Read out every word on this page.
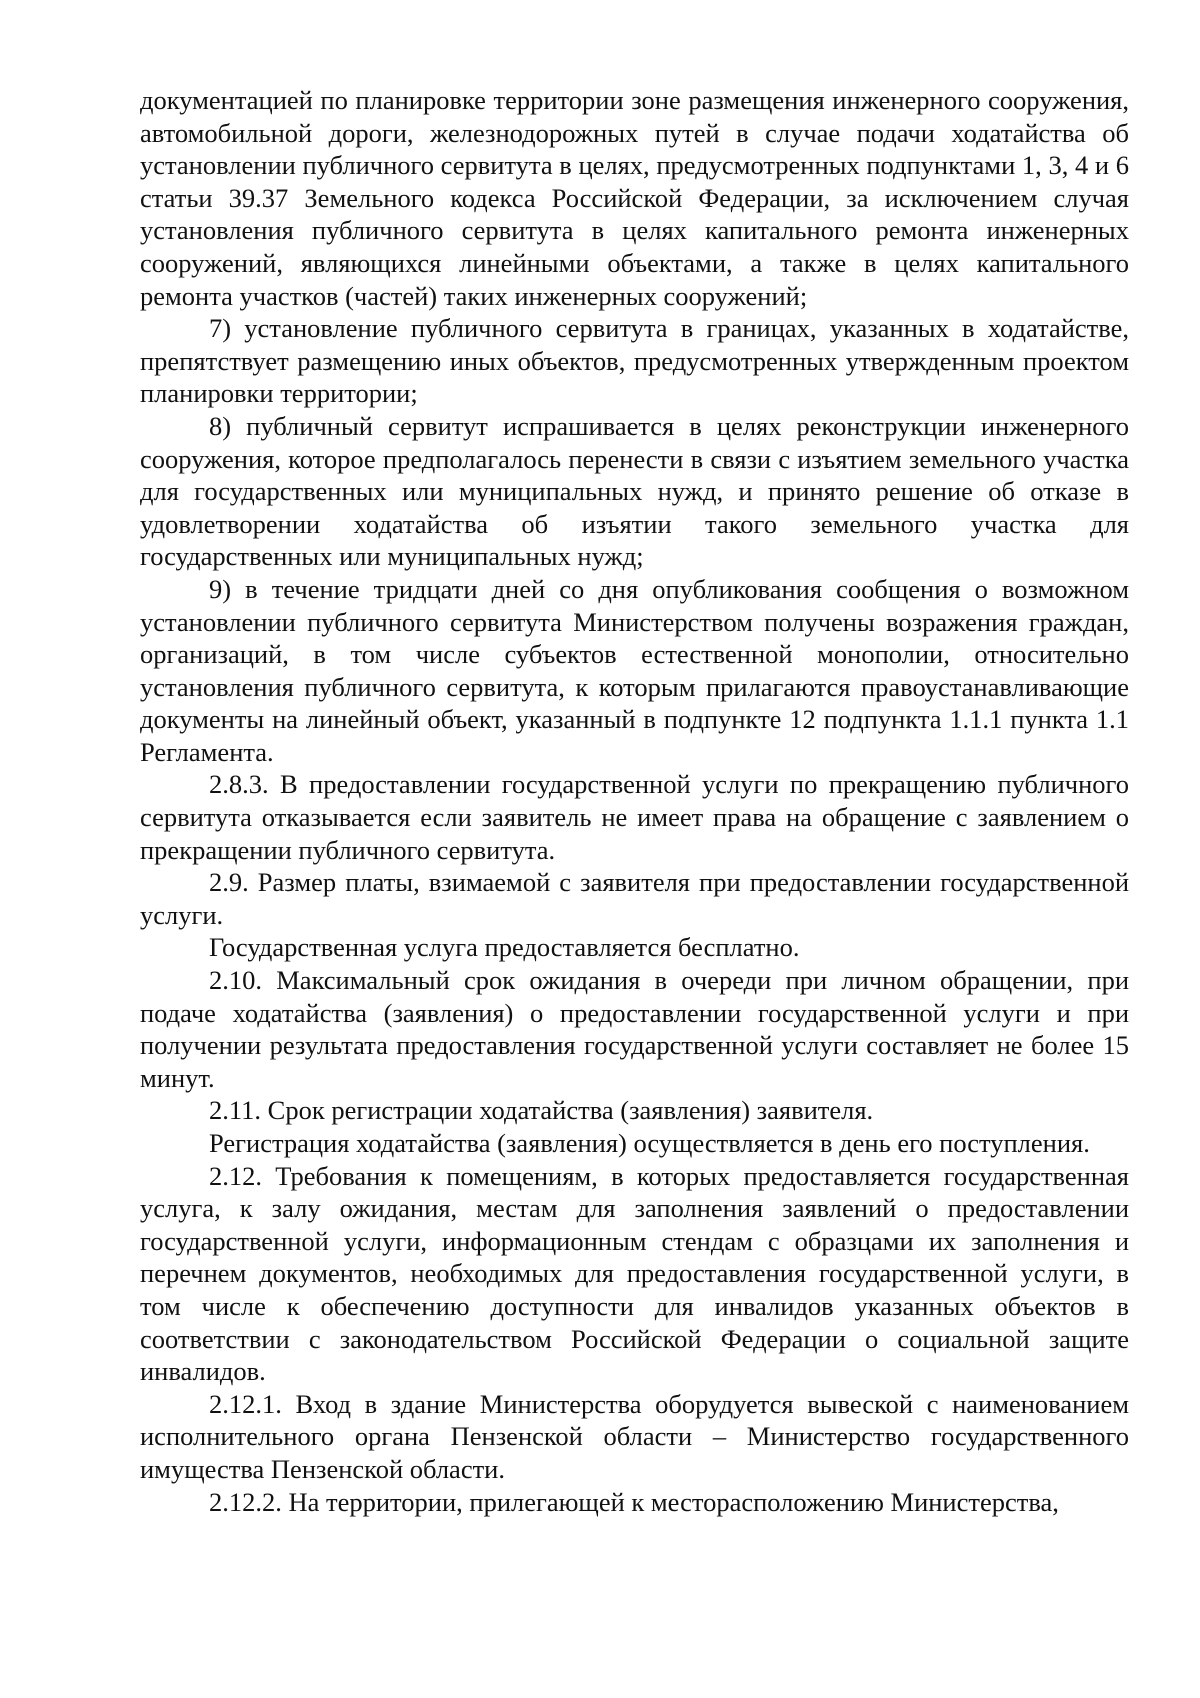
документацией по планировке территории зоне размещения инженерного сооружения, автомобильной дороги, железнодорожных путей в случае подачи ходатайства об установлении публичного сервитута в целях, предусмотренных подпунктами 1, 3, 4 и 6 статьи 39.37 Земельного кодекса Российской Федерации, за исключением случая установления публичного сервитута в целях капитального ремонта инженерных сооружений, являющихся линейными объектами, а также в целях капитального ремонта участков (частей) таких инженерных сооружений;

7) установление публичного сервитута в границах, указанных в ходатайстве, препятствует размещению иных объектов, предусмотренных утвержденным проектом планировки территории;

8) публичный сервитут испрашивается в целях реконструкции инженерного сооружения, которое предполагалось перенести в связи с изъятием земельного участка для государственных или муниципальных нужд, и принято решение об отказе в удовлетворении ходатайства об изъятии такого земельного участка для государственных или муниципальных нужд;

9) в течение тридцати дней со дня опубликования сообщения о возможном установлении публичного сервитута Министерством получены возражения граждан, организаций, в том числе субъектов естественной монополии, относительно установления публичного сервитута, к которым прилагаются правоустанавливающие документы на линейный объект, указанный в подпункте 12 подпункта 1.1.1 пункта 1.1 Регламента.

2.8.3. В предоставлении государственной услуги по прекращению публичного сервитута отказывается если заявитель не имеет права на обращение с заявлением о прекращении публичного сервитута.

2.9. Размер платы, взимаемой с заявителя при предоставлении государственной услуги.

Государственная услуга предоставляется бесплатно.

2.10. Максимальный срок ожидания в очереди при личном обращении, при подаче ходатайства (заявления) о предоставлении государственной услуги и при получении результата предоставления государственной услуги составляет не более 15 минут.

2.11. Срок регистрации ходатайства (заявления) заявителя.

Регистрация ходатайства (заявления) осуществляется в день его поступления.

2.12. Требования к помещениям, в которых предоставляется государственная услуга, к залу ожидания, местам для заполнения заявлений о предоставлении государственной услуги, информационным стендам с образцами их заполнения и перечнем документов, необходимых для предоставления государственной услуги, в том числе к обеспечению доступности для инвалидов указанных объектов в соответствии с законодательством Российской Федерации о социальной защите инвалидов.

2.12.1. Вход в здание Министерства оборудуется вывеской с наименованием исполнительного органа Пензенской области – Министерство государственного имущества Пензенской области.

2.12.2. На территории, прилегающей к месторасположению Министерства,
